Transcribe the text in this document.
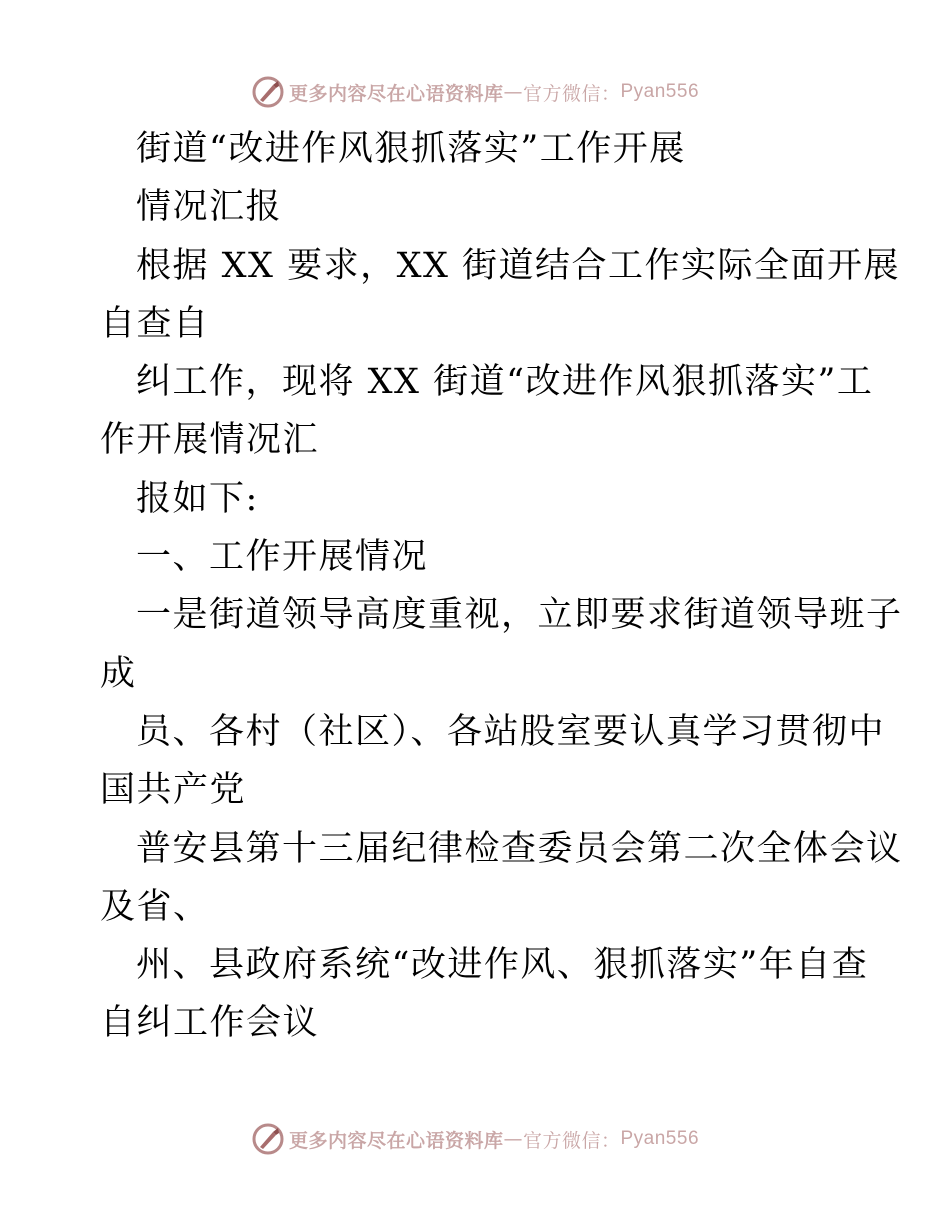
更多内容尽在心语资料库 — 官方微信： Pyan556
街道“改进作风狠抓落实”工作开展
情况汇报
根据 XX 要求，XX 街道结合工作实际全面开展
自查自
纠工作，现将 XX 街道“改进作风狠抓落实”工
作开展情况汇
报如下:
一、工作开展情况
一是街道领导高度重视，立即要求街道领导班子
成
员、各村（社区）、各站股室要认真学习贯彻中
国共产党
普安县第十三届纪律检查委员会第二次全体会议
及省、
州、县政府系统“改进作风、狠抓落实”年自查
自纠工作会议
更多内容尽在心语资料库 — 官方微信： Pyan556
